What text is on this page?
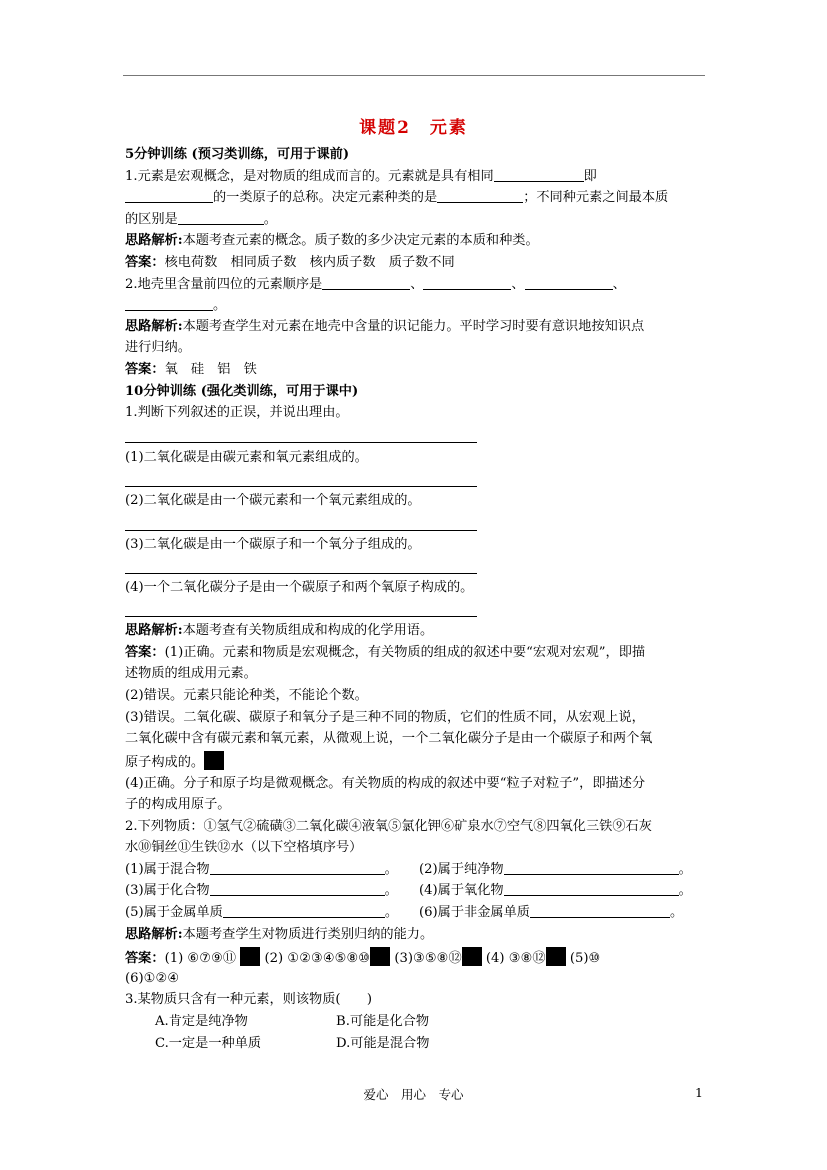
课题2　元素
5分钟训练 (预习类训练，可用于课前)
1.元素是宏观概念，是对物质的组成而言的。元素就是具有相同	即
的一类原子的总称。决定元素种类的是	；不同种元素之间最本质
的区别是	。
思路解析:本题考查元素的概念。质子数的多少决定元素的本质和种类。
答案：核电荷数　相同质子数　核内质子数　质子数不同
2.地壳里含量前四位的元素顺序是	、	、	、
。
思路解析:本题考查学生对元素在地壳中含量的识记能力。平时学习时要有意识地按知识点
进行归纳。
答案：氧　硅　铝　铁
10分钟训练 (强化类训练，可用于课中)
1.判断下列叙述的正误，并说出理由。
(1)二氧化碳是由碳元素和氧元素组成的。
(2)二氧化碳是由一个碳元素和一个氧元素组成的。
(3)二氧化碳是由一个碳原子和一个氧分子组成的。
(4)一个二氧化碳分子是由一个碳原子和两个氧原子构成的。
思路解析:本题考查有关物质组成和构成的化学用语。
答案：(1)正确。元素和物质是宏观概念，有关物质的组成的叙述中要“宏观对宏观”，即描
述物质的组成用元素。
(2)错误。元素只能论种类，不能论个数。
(3)错误。二氧化碳、碳原子和氧分子是三种不同的物质，它们的性质不同，从宏观上说，
二氧化碳中含有碳元素和氧元素，从微观上说，一个二氧化碳分子是由一个碳原子和两个氧
原子构成的。
(4)正确。分子和原子均是微观概念。有关物质的构成的叙述中要“粒子对粒子”，即描述分
子的构成用原子。
2.下列物质：①氢气②硫磺③二氧化碳④液氧⑤氯化钾⑥矿泉水⑦空气⑧四氧化三铁⑨石灰
水⑩铜丝⑪生铁⑫水（以下空格填序号）
(1)属于混合物	。 (2)属于纯净物	。
(3)属于化合物	。 (4)属于氧化物	。
(5)属于金属单质	。 (6)属于非金属单质	。
思路解析:本题考查学生对物质进行类别归纳的能力。
答案：(1) ⑥⑦⑨⑪ (2) ①②③④⑤⑧⑩ (3)③⑤⑧⑫ (4) ③⑧⑫ (5)⑩
(6)①②④
3.某物质只含有一种元素，则该物质(　　)
A.肯定是纯净物	B.可能是化合物
C.一定是一种单质	D.可能是混合物
爱心　用心　专心	1
